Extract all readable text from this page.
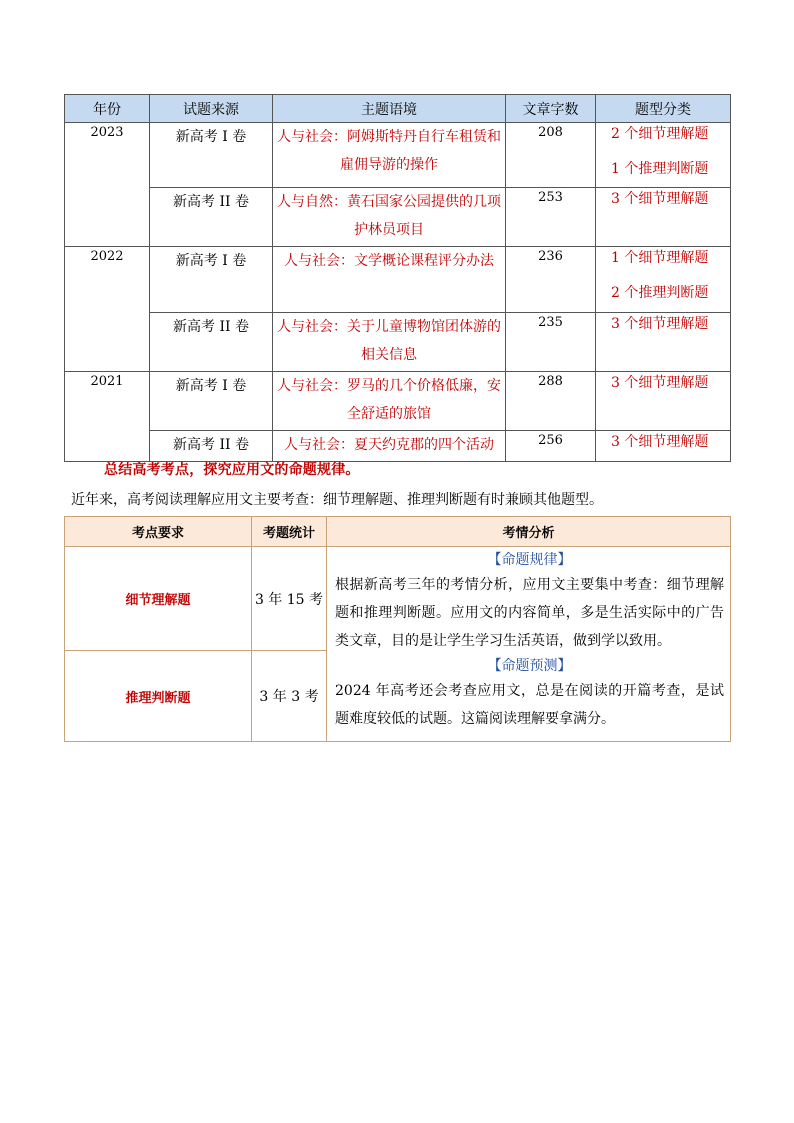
年份	试题来源	主题语境	文章字数	题型分类
2023	新高考 I 卷	人与社会：阿姆斯特丹自行车租赁和雇佣导游的操作	208	2 个细节理解题
1 个推理判断题

	新高考 II 卷	人与自然：黄石国家公园提供的几项护林员项目	253	3 个细节理解题

2022	新高考 I 卷	人与社会：文学概论课程评分办法	236	1 个细节理解题
2 个推理判断题

	新高考 II 卷	人与社会：关于儿童博物馆团体游的相关信息	235	3 个细节理解题

2021	新高考 I 卷	人与社会：罗马的几个价格低廉，安全舒适的旅馆	288	3 个细节理解题

	新高考 II 卷	人与社会：夏天约克郡的四个活动	256	3 个细节理解题
总结高考考点，探究应用文的命题规律。
近年来，高考阅读理解应用文主要考查：细节理解题、推理判断题有时兼顾其他题型。
考点要求	考题统计	考情分析
细节理解题	3 年 15 考	【命题规律】
根据新高考三年的考情分析，应用文主要集中考查：细节理解题和推理判断题。应用文的内容简单，多是生活实际中的广告类文章，目的是让学生学习生活英语，做到学以致用。
【命题预测】
2024 年高考还会考查应用文，总是在阅读的开篇考查，是试题难度较低的试题。这篇阅读理解要拿满分。

推理判断题	3 年 3 考	
